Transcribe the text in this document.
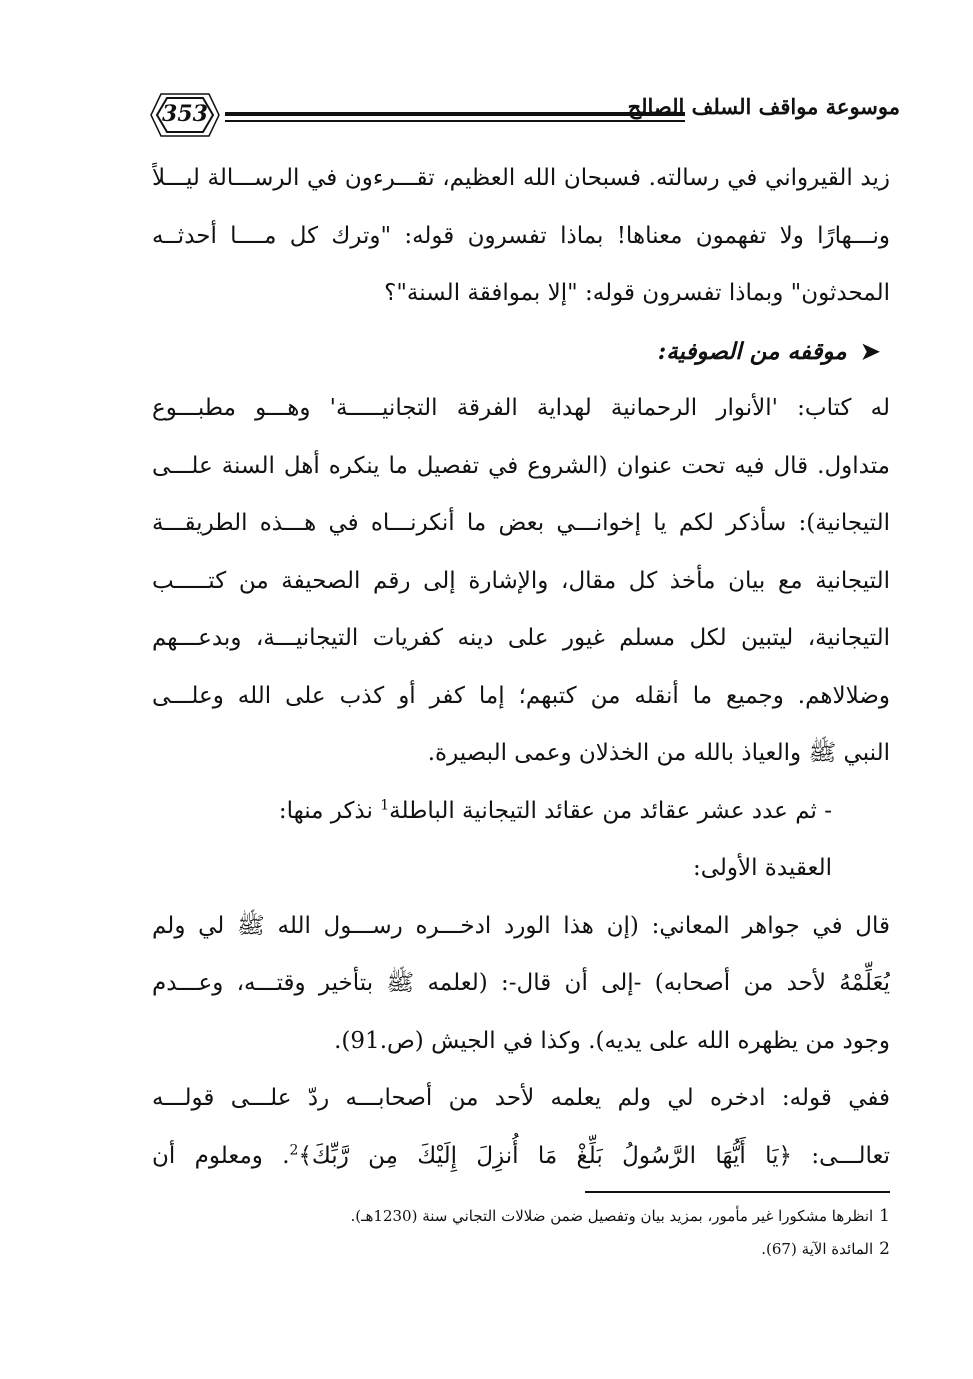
353	موسوعة مواقف السلف الصالح
زيد القيرواني في رسالته. فسبحان الله العظيم، تقـــرءون في الرســـالة ليـــلاً
ونـــهارًا ولا تفهمون معناها! بماذا تفسرون قوله: "وترك كل مــــا أحدثــه
المحدثون" وبماذا تفسرون قوله: "إلا بموافقة السنة"؟
➤موقفه من الصوفية:
له كتاب: 'الأنوار الرحمانية لهداية الفرقة التجانيـــــة' وهـــو مطبـــوع
متداول. قال فيه تحت عنوان (الشروع في تفصيل ما ينكره أهل السنة علـــى
التيجانية): سأذكر لكم يا إخوانـــي بعض ما أنكرنـــاه في هـــذه الطريقـــة
التيجانية مع بيان مأخذ كل مقال، والإشارة إلى رقم الصحيفة من كتـــــب
التيجانية، ليتبين لكل مسلم غيور على دينه كفريات التيجانيـــة، وبدعـــهم
وضلالاهم. وجميع ما أنقله من كتبهم؛ إما كفر أو كذب على الله وعلـــى
النبي ﷺ والعياذ بالله من الخذلان وعمى البصيرة.
- ثم عدد عشر عقائد من عقائد التيجانية الباطلة$^1$ نذكر منها:
العقيدة الأولى:
قال في جواهر المعاني: (إن هذا الورد ادخـــره رســـول الله ﷺ لي ولم
يُعَلِّمْهُ لأحد من أصحابه) -إلى أن قال-: (لعلمه ﷺ بتأخير وقتـــه، وعـــدم
وجود من يظهره الله على يديه). وكذا في الجيش (ص.91).
ففي قوله: ادخره لي ولم يعلمه لأحد من أصحابـــه ردّ علـــى قولـــه
تعالـــى: ﴿يَا أَيُّهَا الرَّسُولُ بَلِّغْ مَا أُنزِلَ إِلَيْكَ مِن رَّبِّكَ﴾$^2$. ومعلوم أن
1انظرها مشكورا غير مأمور، بمزيد بيان وتفصيل ضمن ضلالات التجاني سنة (1230هـ).
2المائدة الآية (67).
